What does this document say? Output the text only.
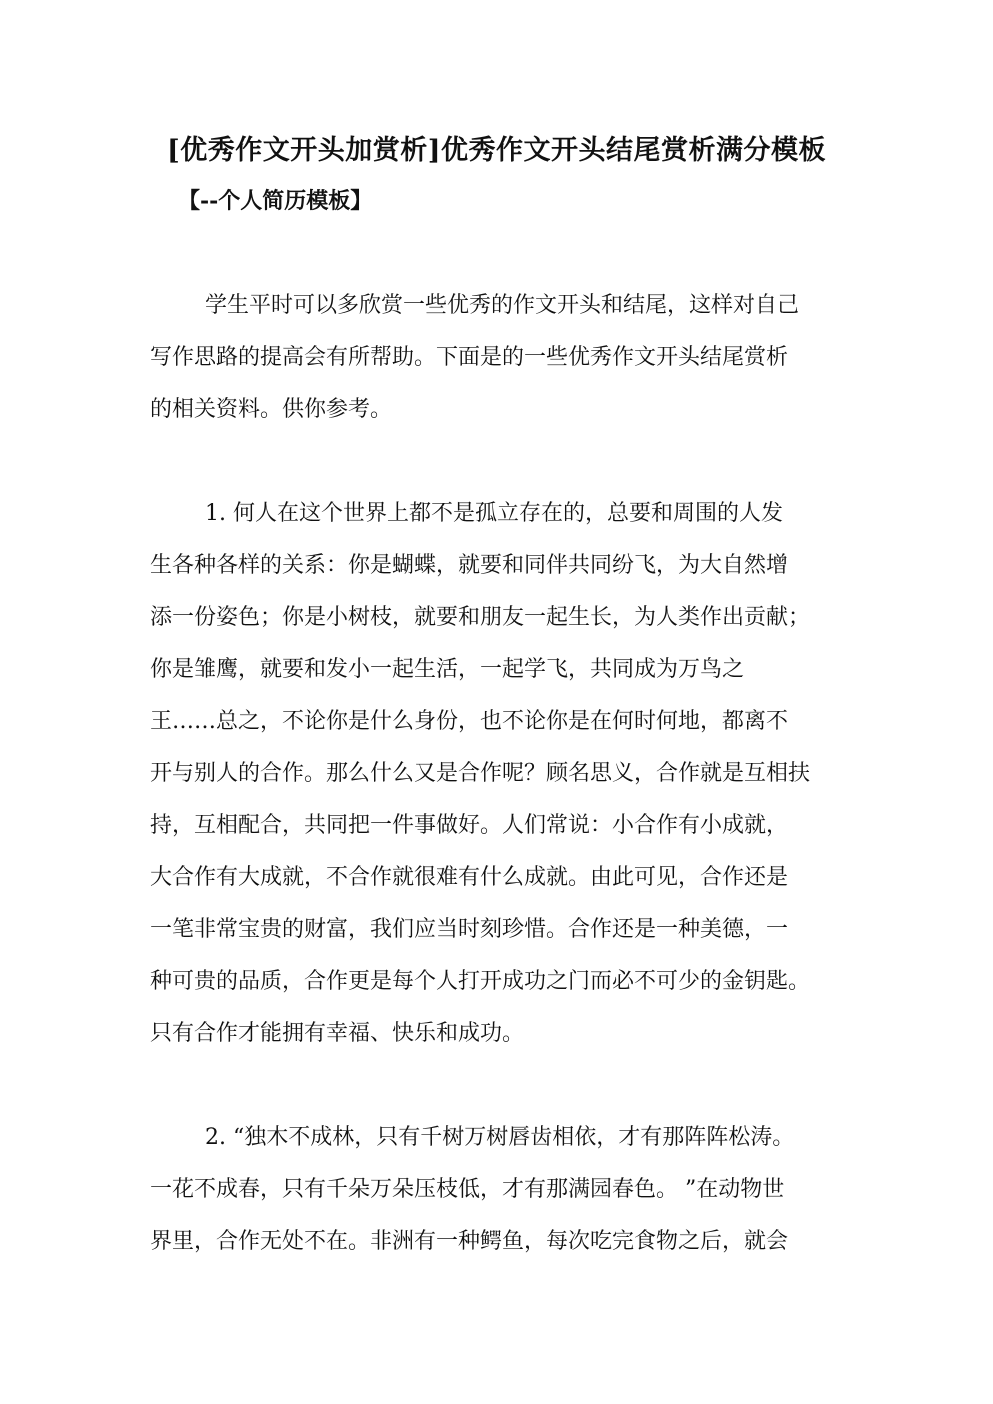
[优秀作文开头加赏析]优秀作文开头结尾赏析满分模板
【--个人简历模板】
学生平时可以多欣赏一些优秀的作文开头和结尾，这样对自己
写作思路的提高会有所帮助。下面是的一些优秀作文开头结尾赏析
的相关资料。供你参考。
1. 何人在这个世界上都不是孤立存在的，总要和周围的人发
生各种各样的关系：你是蝴蝶，就要和同伴共同纷飞，为大自然增
添一份姿色；你是小树枝，就要和朋友一起生长，为人类作出贡献；
你是雏鹰，就要和发小一起生活，一起学飞，共同成为万鸟之
王……总之，不论你是什么身份，也不论你是在何时何地，都离不
开与别人的合作。那么什么又是合作呢？顾名思义，合作就是互相扶
持，互相配合，共同把一件事做好。人们常说：小合作有小成就，
大合作有大成就，不合作就很难有什么成就。由此可见，合作还是
一笔非常宝贵的财富，我们应当时刻珍惜。合作还是一种美德，一
种可贵的品质，合作更是每个人打开成功之门而必不可少的金钥匙。
只有合作才能拥有幸福、快乐和成功。
2. “独木不成林，只有千树万树唇齿相依，才有那阵阵松涛。
一花不成春，只有千朵万朵压枝低，才有那满园春色。 ”在动物世
界里，合作无处不在。非洲有一种鳄鱼，每次吃完食物之后，就会
